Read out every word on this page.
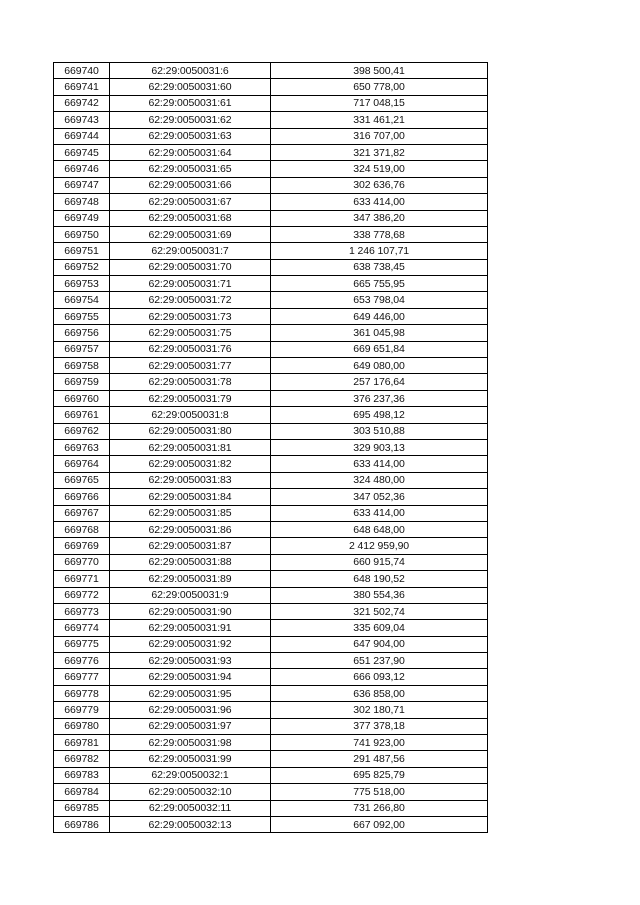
669740	62:29:0050031:6	398 500,41
669741	62:29:0050031:60	650 778,00
669742	62:29:0050031:61	717 048,15
669743	62:29:0050031:62	331 461,21
669744	62:29:0050031:63	316 707,00
669745	62:29:0050031:64	321 371,82
669746	62:29:0050031:65	324 519,00
669747	62:29:0050031:66	302 636,76
669748	62:29:0050031:67	633 414,00
669749	62:29:0050031:68	347 386,20
669750	62:29:0050031:69	338 778,68
669751	62:29:0050031:7	1 246 107,71
669752	62:29:0050031:70	638 738,45
669753	62:29:0050031:71	665 755,95
669754	62:29:0050031:72	653 798,04
669755	62:29:0050031:73	649 446,00
669756	62:29:0050031:75	361 045,98
669757	62:29:0050031:76	669 651,84
669758	62:29:0050031:77	649 080,00
669759	62:29:0050031:78	257 176,64
669760	62:29:0050031:79	376 237,36
669761	62:29:0050031:8	695 498,12
669762	62:29:0050031:80	303 510,88
669763	62:29:0050031:81	329 903,13
669764	62:29:0050031:82	633 414,00
669765	62:29:0050031:83	324 480,00
669766	62:29:0050031:84	347 052,36
669767	62:29:0050031:85	633 414,00
669768	62:29:0050031:86	648 648,00
669769	62:29:0050031:87	2 412 959,90
669770	62:29:0050031:88	660 915,74
669771	62:29:0050031:89	648 190,52
669772	62:29:0050031:9	380 554,36
669773	62:29:0050031:90	321 502,74
669774	62:29:0050031:91	335 609,04
669775	62:29:0050031:92	647 904,00
669776	62:29:0050031:93	651 237,90
669777	62:29:0050031:94	666 093,12
669778	62:29:0050031:95	636 858,00
669779	62:29:0050031:96	302 180,71
669780	62:29:0050031:97	377 378,18
669781	62:29:0050031:98	741 923,00
669782	62:29:0050031:99	291 487,56
669783	62:29:0050032:1	695 825,79
669784	62:29:0050032:10	775 518,00
669785	62:29:0050032:11	731 266,80
669786	62:29:0050032:13	667 092,00
